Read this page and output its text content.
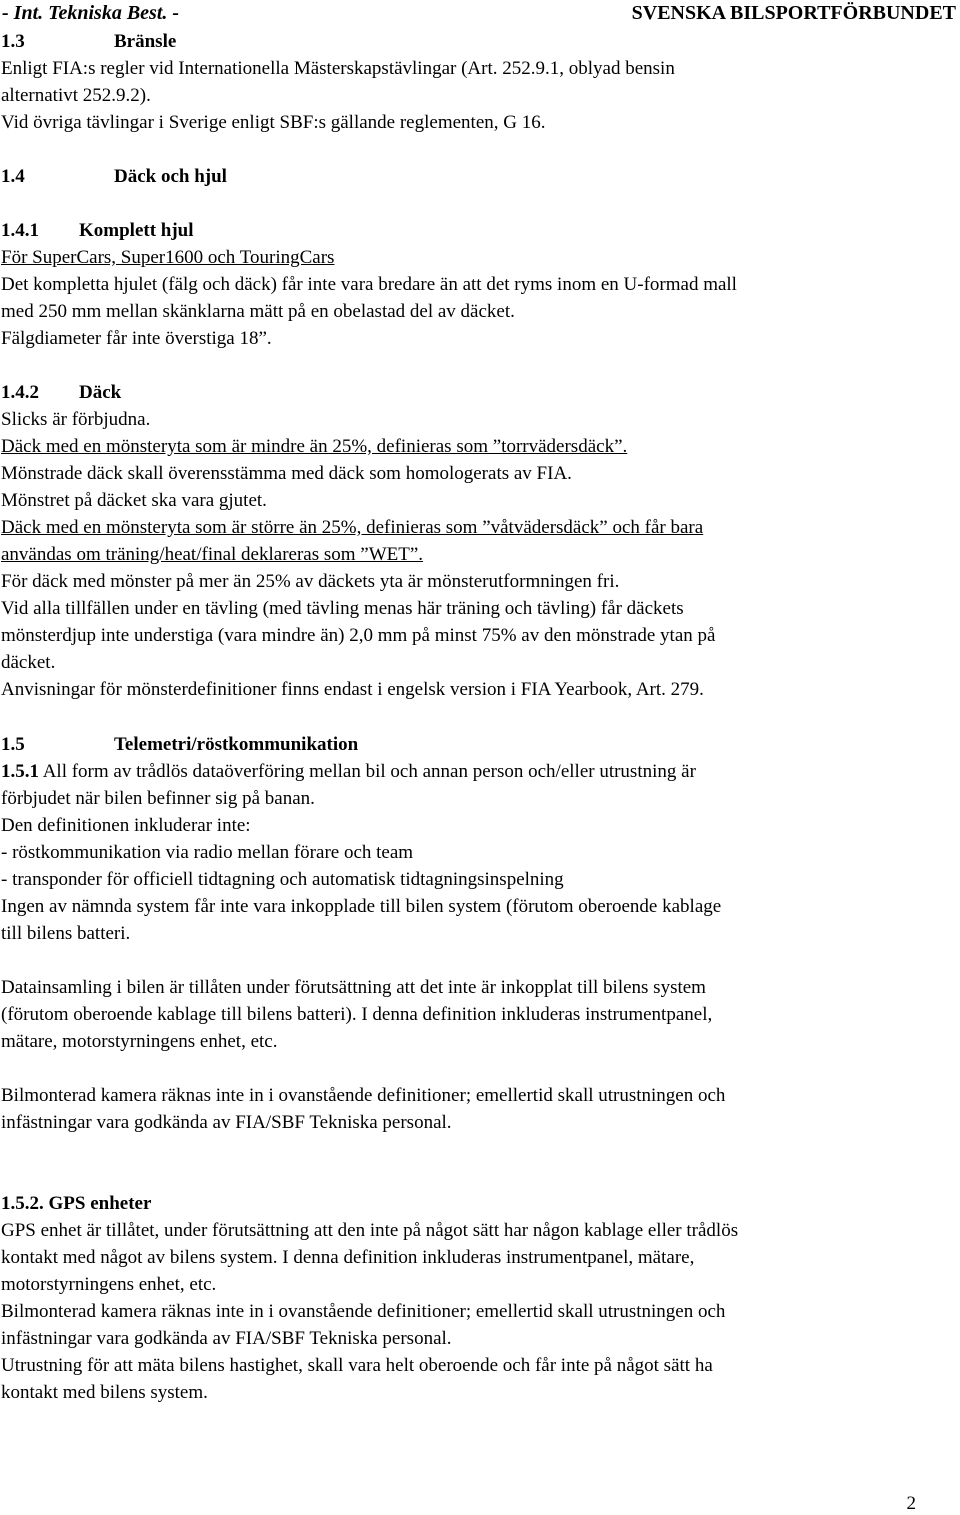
- Int. Tekniska Best. -	SVENSKA BILSPORTFÖRBUNDET
1.3	Bränsle
Enligt FIA:s regler vid Internationella Mästerskapstävlingar (Art. 252.9.1, oblyad bensin
alternativt 252.9.2).
Vid övriga tävlingar i Sverige enligt SBF:s gällande reglementen, G 16.
1.4	Däck och hjul
1.4.1 Komplett hjul
För SuperCars, Super1600 och TouringCars
Det kompletta hjulet (fälg och däck) får inte vara bredare än att det ryms inom en U-formad mall
med 250 mm mellan skänklarna mätt på en obelastad del av däcket.
Fälgdiameter får inte överstiga 18”.
1.4.2 Däck
Slicks är förbjudna.
Däck med en mönsteryta som är mindre än 25%, definieras som ”torrvädersdäck”.
Mönstrade däck skall överensstämma med däck som homologerats av FIA.
Mönstret på däcket ska vara gjutet.
Däck med en mönsteryta som är större än 25%, definieras som ”våtvädersdäck” och får bara
användas om träning/heat/final deklareras som ”WET”.
För däck med mönster på mer än 25% av däckets yta är mönsterutformningen fri.
Vid alla tillfällen under en tävling (med tävling menas här träning och tävling) får däckets
mönsterdjup inte understiga (vara mindre än) 2,0 mm på minst 75% av den mönstrade ytan på
däcket.
Anvisningar för mönsterdefinitioner finns endast i engelsk version i FIA Yearbook, Art. 279.
1.5	Telemetri/röstkommunikation
1.5.1 All form av trådlös dataöverföring mellan bil och annan person och/eller utrustning är
förbjudet när bilen befinner sig på banan.
Den definitionen inkluderar inte:
- röstkommunikation via radio mellan förare och team
- transponder för officiell tidtagning och automatisk tidtagningsinspelning
Ingen av nämnda system får inte vara inkopplade till bilen system (förutom oberoende kablage
till bilens batteri.
Datainsamling i bilen är tillåten under förutsättning att det inte är inkopplat till bilens system
(förutom oberoende kablage till bilens batteri). I denna definition inkluderas instrumentpanel,
mätare, motorstyrningens enhet, etc.
Bilmonterad kamera räknas inte in i ovanstående definitioner; emellertid skall utrustningen och
infästningar vara godkända av FIA/SBF Tekniska personal.
1.5.2. GPS enheter
GPS enhet är tillåtet, under förutsättning att den inte på något sätt har någon kablage eller trådlös
kontakt med något av bilens system. I denna definition inkluderas instrumentpanel, mätare,
motorstyrningens enhet, etc.
Bilmonterad kamera räknas inte in i ovanstående definitioner; emellertid skall utrustningen och
infästningar vara godkända av FIA/SBF Tekniska personal.
Utrustning för att mäta bilens hastighet, skall vara helt oberoende och får inte på något sätt ha
kontakt med bilens system.
2
